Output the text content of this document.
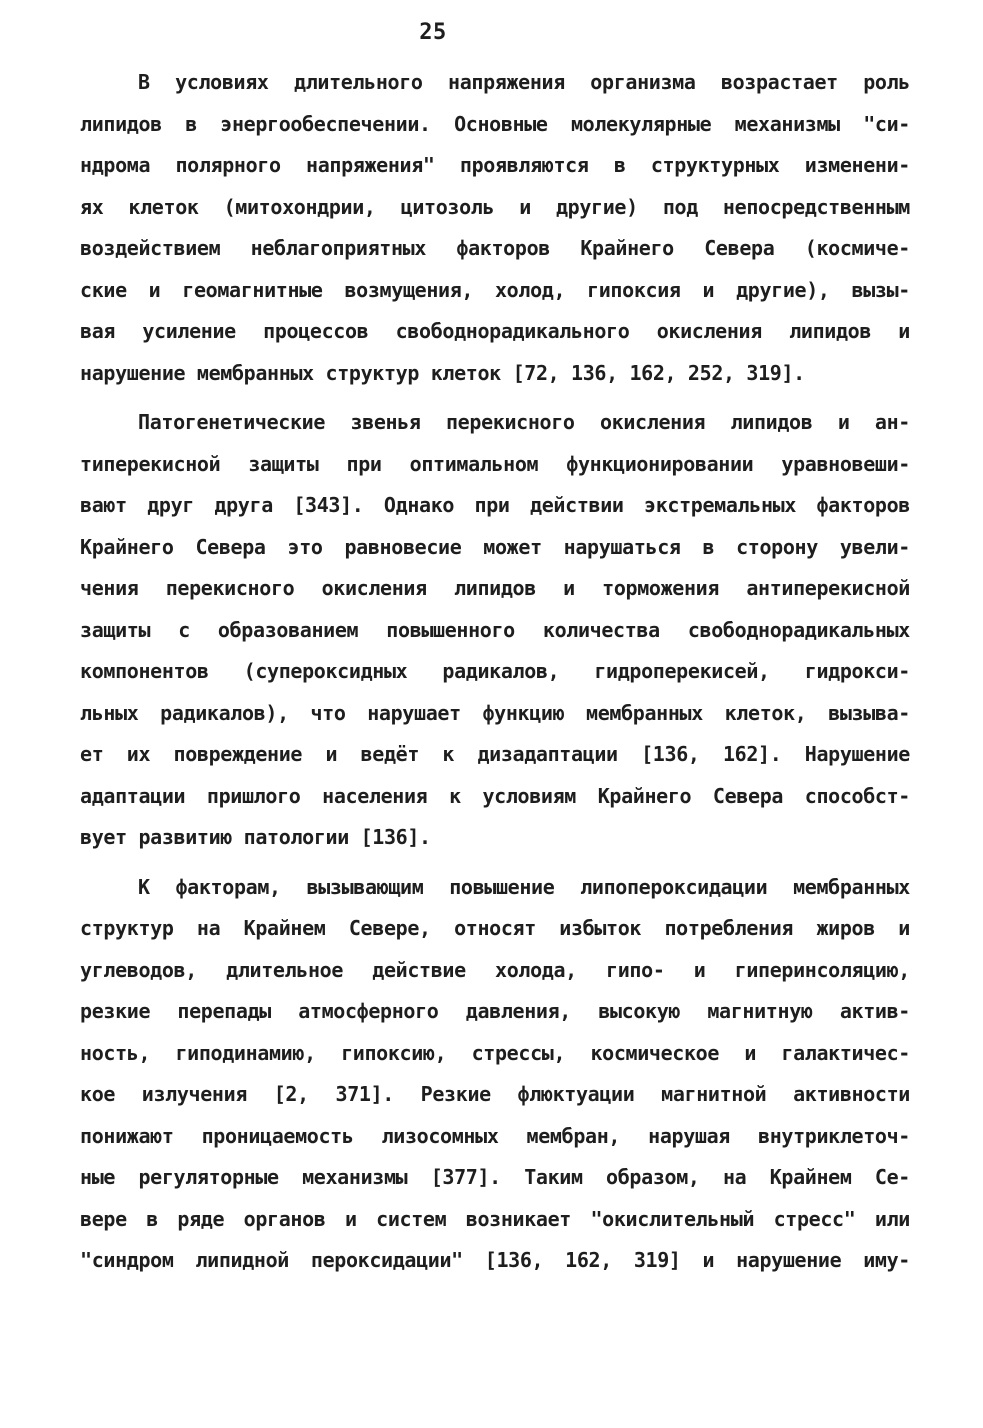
25
В условиях длительного напряжения организма возрастает роль
липидов в энергообеспечении. Основные молекулярные механизмы "си-
ндрома полярного напряжения" проявляются в структурных изменени-
ях клеток (митохондрии, цитозоль и другие) под непосредственным
воздействием неблагоприятных факторов Крайнего Севера (космиче-
ские и геомагнитные возмущения, холод, гипоксия и другие), вызы-
вая усиление процессов свободнорадикального окисления липидов и
нарушение мембранных структур клеток [72, 136, 162, 252, 319].
Патогенетические звенья перекисного окисления липидов и ан-
типерекисной защиты при оптимальном функционировании уравновеши-
вают друг друга [343]. Однако при действии экстремальных факторов
Крайнего Севера это равновесие может нарушаться в сторону увели-
чения перекисного окисления липидов и торможения антиперекисной
защиты с образованием повышенного количества свободнорадикальных
компонентов (супероксидных радикалов, гидроперекисей, гидрокси-
льных радикалов), что нарушает функцию мембранных клеток, вызыва-
ет их повреждение и ведёт к дизадаптации [136, 162]. Нарушение
адаптации пришлого населения к условиям Крайнего Севера способст-
вует развитию патологии [136].
К факторам, вызывающим повышение липопероксидации мембранных
структур на Крайнем Севере, относят избыток потребления жиров и
углеводов, длительное действие холода, гипо- и гиперинсоляцию,
резкие перепады атмосферного давления, высокую магнитную актив-
ность, гиподинамию, гипоксию, стрессы, космическое и галактичес-
кое излучения [2, 371]. Резкие флюктуации магнитной активности
понижают проницаемость лизосомных мембран, нарушая внутриклеточ-
ные регуляторные механизмы [377]. Таким образом, на Крайнем Се-
вере в ряде органов и систем возникает "окислительный стресс" или
"синдром липидной пероксидации" [136, 162, 319] и нарушение иму-
